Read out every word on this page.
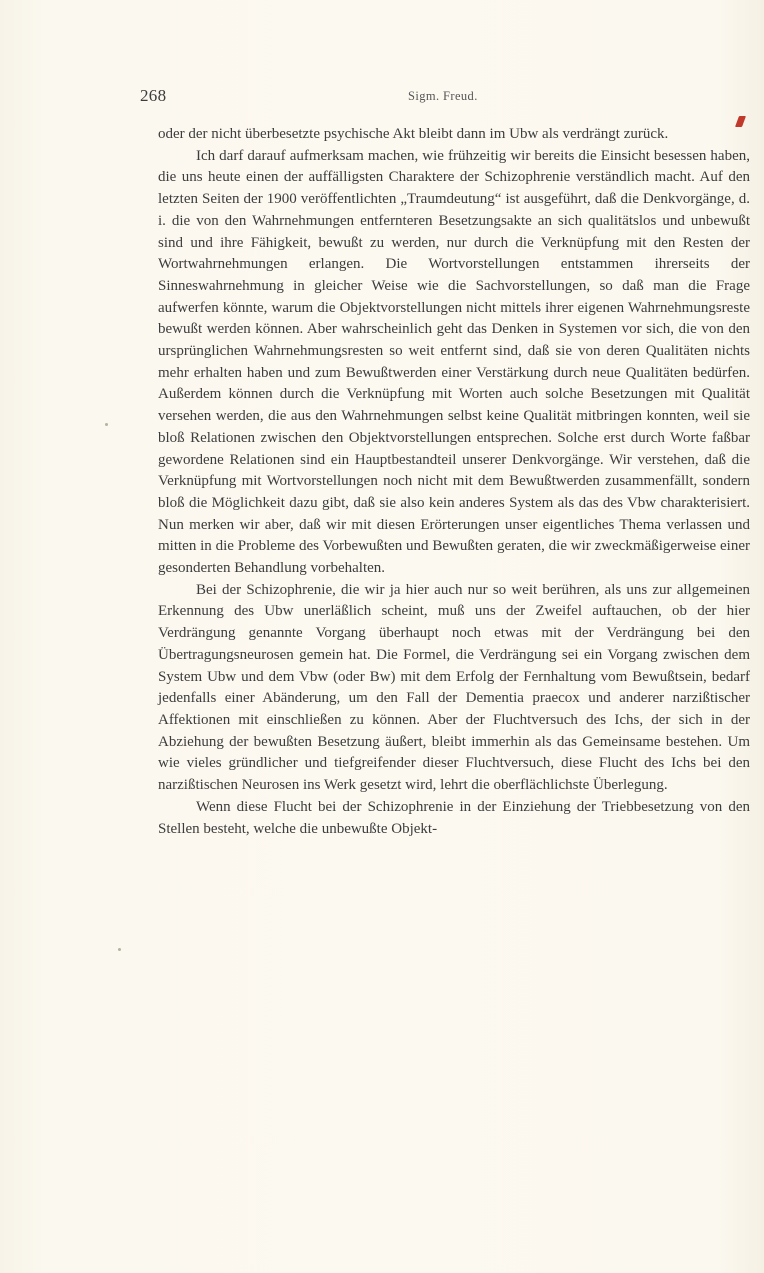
268	Sigm. Freud.

oder der nicht überbesetzte psychische Akt bleibt dann im Ubw als verdrängt zurück.

Ich darf darauf aufmerksam machen, wie frühzeitig wir bereits die Einsicht besessen haben, die uns heute einen der auffälligsten Charaktere der Schizophrenie verständlich macht. Auf den letzten Seiten der 1900 veröffentlichten „Traumdeutung“ ist ausgeführt, daß die Denkvorgänge, d. i. die von den Wahrnehmungen entfernteren Besetzungsakte an sich qualitätslos und unbewußt sind und ihre Fähigkeit, bewußt zu werden, nur durch die Verknüpfung mit den Resten der Wortwahrnehmungen erlangen. Die Wortvorstellungen entstammen ihrerseits der Sinneswahrnehmung in gleicher Weise wie die Sachvorstellungen, so daß man die Frage aufwerfen könnte, warum die Objektvorstellungen nicht mittels ihrer eigenen Wahrnehmungsreste bewußt werden können. Aber wahrscheinlich geht das Denken in Systemen vor sich, die von den ursprünglichen Wahrnehmungsresten so weit entfernt sind, daß sie von deren Qualitäten nichts mehr erhalten haben und zum Bewußtwerden einer Verstärkung durch neue Qualitäten bedürfen. Außerdem können durch die Verknüpfung mit Worten auch solche Besetzungen mit Qualität versehen werden, die aus den Wahrnehmungen selbst keine Qualität mitbringen konnten, weil sie bloß Relationen zwischen den Objektvorstellungen entsprechen. Solche erst durch Worte faßbar gewordene Relationen sind ein Hauptbestandteil unserer Denkvorgänge. Wir verstehen, daß die Verknüpfung mit Wortvorstellungen noch nicht mit dem Bewußtwerden zusammenfällt, sondern bloß die Möglichkeit dazu gibt, daß sie also kein anderes System als das des Vbw charakterisiert. Nun merken wir aber, daß wir mit diesen Erörterungen unser eigentliches Thema verlassen und mitten in die Probleme des Vorbewußten und Bewußten geraten, die wir zweckmäßigerweise einer gesonderten Behandlung vorbehalten.

Bei der Schizophrenie, die wir ja hier auch nur so weit berühren, als uns zur allgemeinen Erkennung des Ubw unerläßlich scheint, muß uns der Zweifel auftauchen, ob der hier Verdrängung genannte Vorgang überhaupt noch etwas mit der Verdrängung bei den Übertragungsneurosen gemein hat. Die Formel, die Verdrängung sei ein Vorgang zwischen dem System Ubw und dem Vbw (oder Bw) mit dem Erfolg der Fernhaltung vom Bewußtsein, bedarf jedenfalls einer Abänderung, um den Fall der Dementia praecox und anderer narzißtischer Affektionen mit einschließen zu können. Aber der Fluchtversuch des Ichs, der sich in der Abziehung der bewußten Besetzung äußert, bleibt immerhin als das Gemeinsame bestehen. Um wie vieles gründlicher und tiefgreifender dieser Fluchtversuch, diese Flucht des Ichs bei den narzißtischen Neurosen ins Werk gesetzt wird, lehrt die oberflächlichste Überlegung.

Wenn diese Flucht bei der Schizophrenie in der Einziehung der Triebbesetzung von den Stellen besteht, welche die unbewußte Objekt-
